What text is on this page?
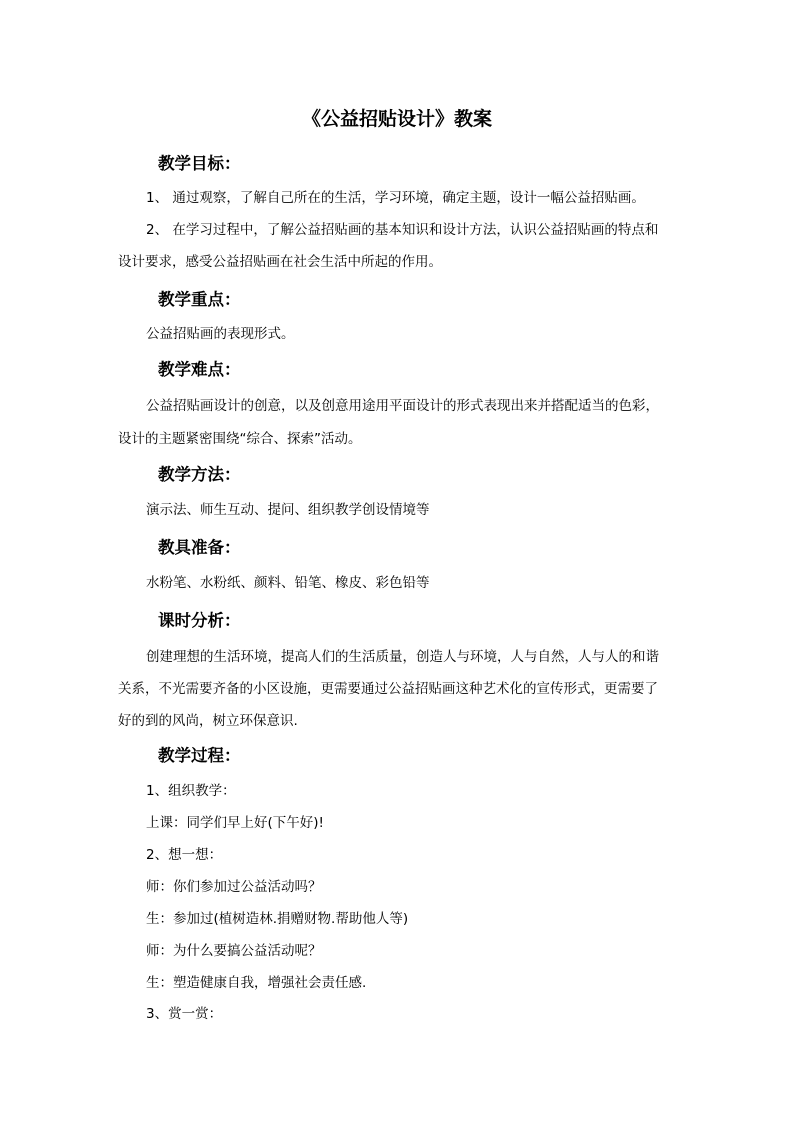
《公益招贴设计》教案
教学目标：
1、 通过观察，了解自己所在的生活，学习环境，确定主题，设计一幅公益招贴画。
2、 在学习过程中，了解公益招贴画的基本知识和设计方法，认识公益招贴画的特点和
设计要求，感受公益招贴画在社会生活中所起的作用。
教学重点：
公益招贴画的表现形式。
教学难点：
公益招贴画设计的创意，以及创意用途用平面设计的形式表现出来并搭配适当的色彩，
设计的主题紧密围绕“综合、探索”活动。
教学方法：
演示法、师生互动、提问、组织教学创设情境等
教具准备：
水粉笔、水粉纸、颜料、铅笔、橡皮、彩色铅等
课时分析：
创建理想的生活环境，提高人们的生活质量，创造人与环境，人与自然，人与人的和谐
关系，不光需要齐备的小区设施，更需要通过公益招贴画这种艺术化的宣传形式，更需要了
好的到的风尚，树立环保意识.
教学过程：
1、组织教学：
上课：同学们早上好(下午好)!
2、想一想：
师：你们参加过公益活动吗？
生：参加过(植树造林.捐赠财物.帮助他人等)
师：为什么要搞公益活动呢？
生：塑造健康自我，增强社会责任感.
3、赏一赏：
